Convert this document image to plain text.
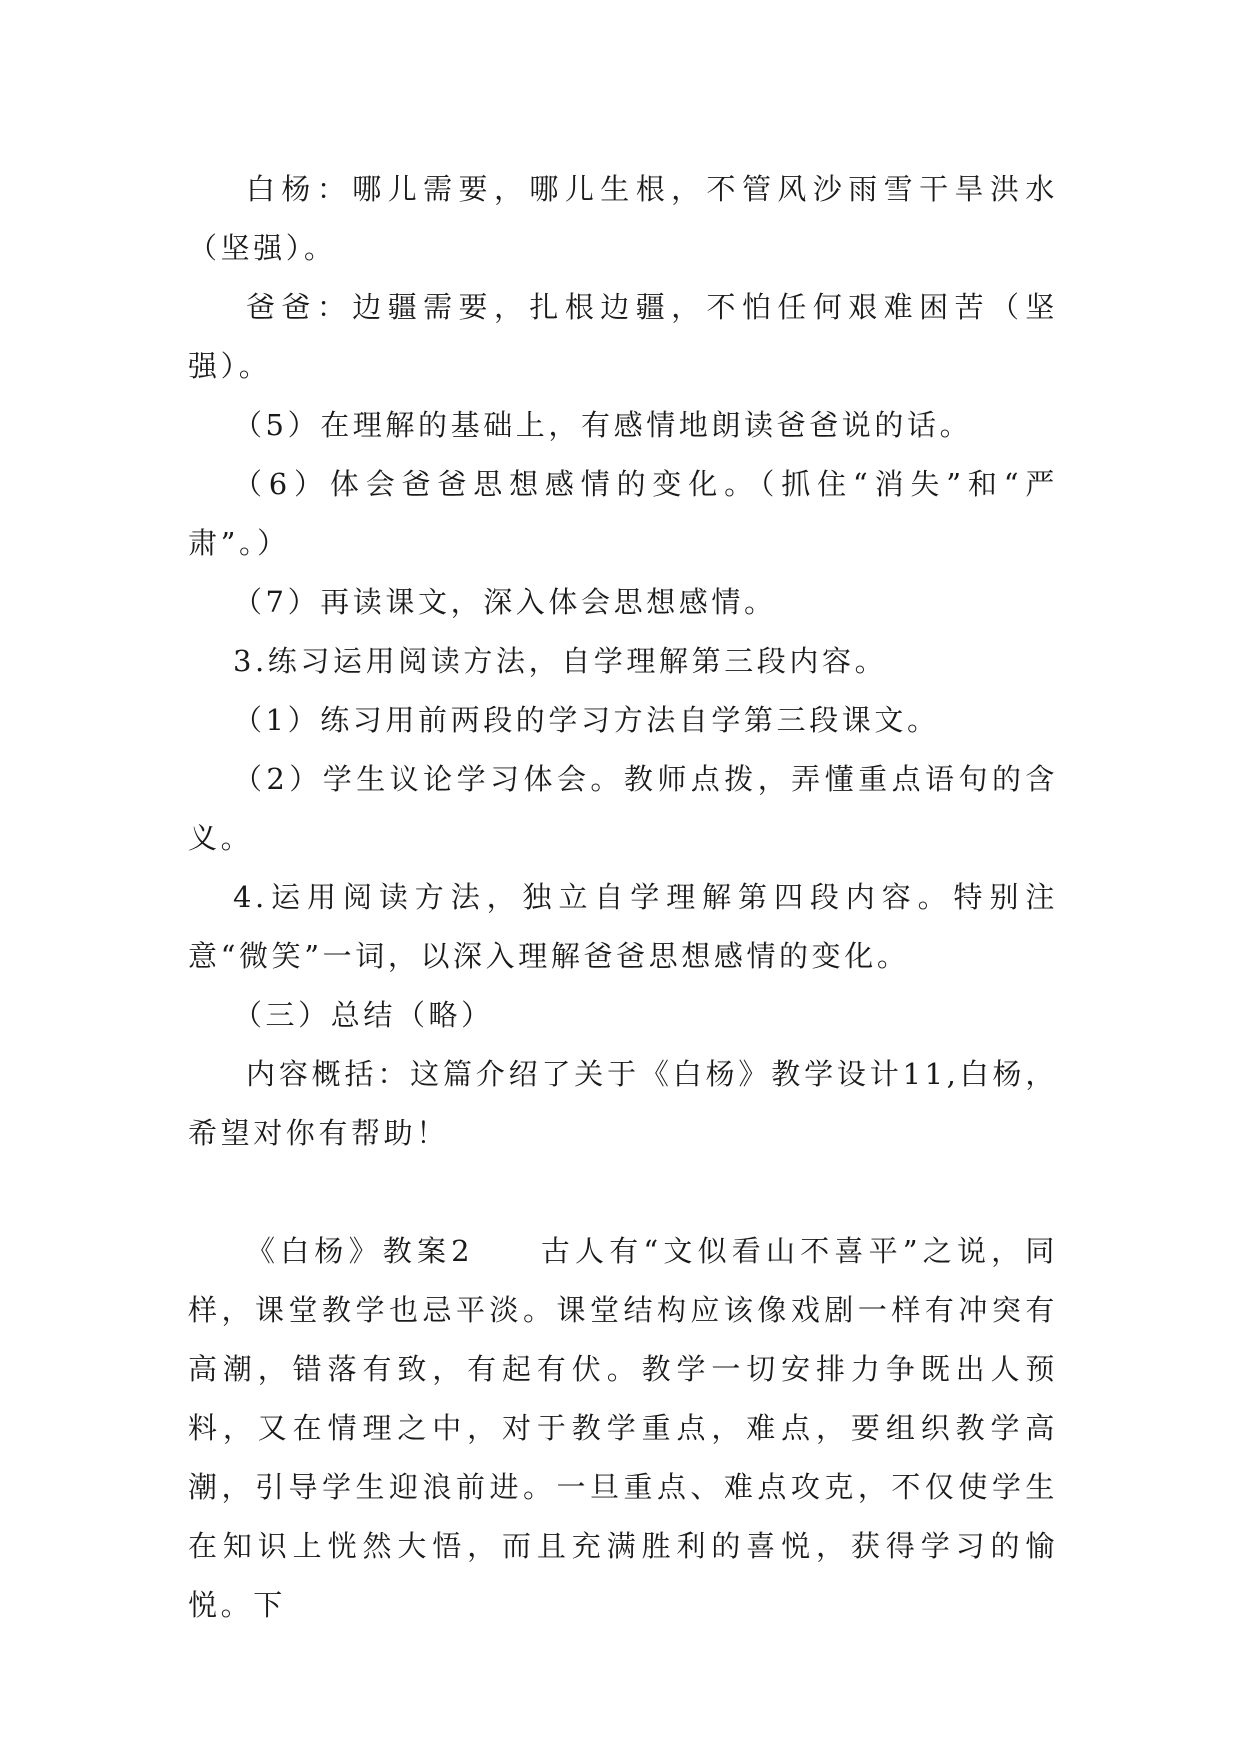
白杨：哪儿需要，哪儿生根，不管风沙雨雪干旱洪水（坚强）。

爸爸：边疆需要，扎根边疆，不怕任何艰难困苦（坚强）。

（5）在理解的基础上，有感情地朗读爸爸说的话。

（6）体会爸爸思想感情的变化。（抓住“消失”和“严肃”。）

（7）再读课文，深入体会思想感情。

3.练习运用阅读方法，自学理解第三段内容。

（1）练习用前两段的学习方法自学第三段课文。

（2）学生议论学习体会。教师点拨，弄懂重点语句的含义。

4.运用阅读方法，独立自学理解第四段内容。特别注意“微笑”一词，以深入理解爸爸思想感情的变化。

（三）总结（略）

内容概括：这篇介绍了关于《白杨》教学设计11,白杨，希望对你有帮助！

《白杨》教案2 古人有“文似看山不喜平”之说，同样，课堂教学也忌平淡。课堂结构应该像戏剧一样有冲突有高潮，错落有致，有起有伏。教学一切安排力争既出人预料，又在情理之中，对于教学重点，难点，要组织教学高潮，引导学生迎浪前进。一旦重点、难点攻克，不仅使学生在知识上恍然大悟，而且充满胜利的喜悦，获得学习的愉悦。下
